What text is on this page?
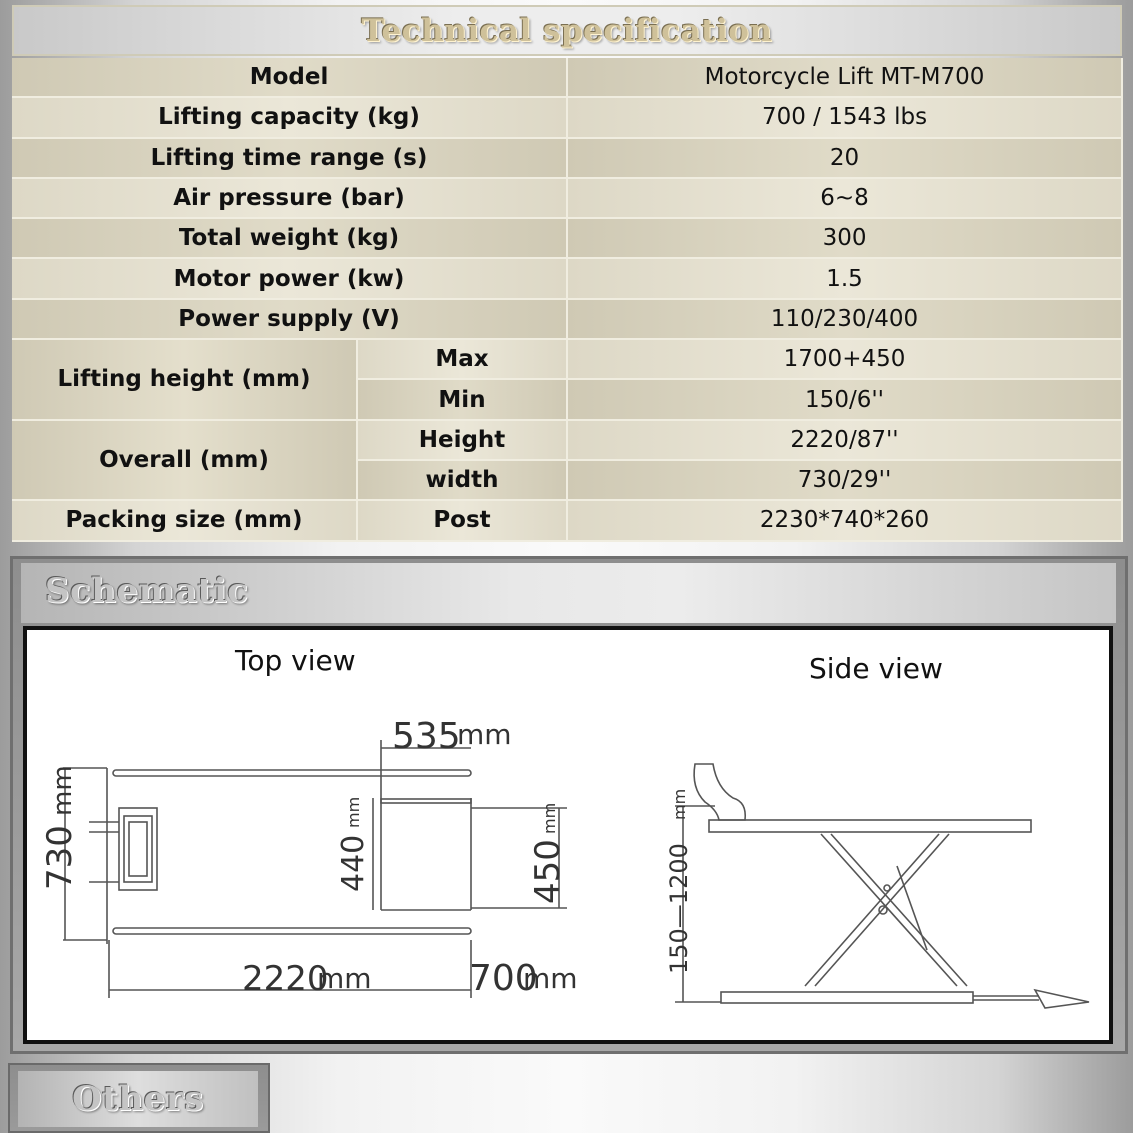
Technical specification
Model		Motorcycle Lift MT-M700
Lifting capacity (kg)		700 / 1543 lbs
Lifting time range (s)		20
Air pressure (bar)		6~8
Total weight (kg)		300
Motor power (kw)		1.5
Power supply (V)		110/230/400
Lifting height (mm)	Max	1700+450
	Min	150/6''
Overall (mm)	Height	2220/87''
	width	730/29''
Packing size (mm)	Post	2230*740*260
Schematic
Top view	Side view
535
mm
2220
mm	700
mm
730
mm
440
mm
450
mm
150—1200
mm
Others
